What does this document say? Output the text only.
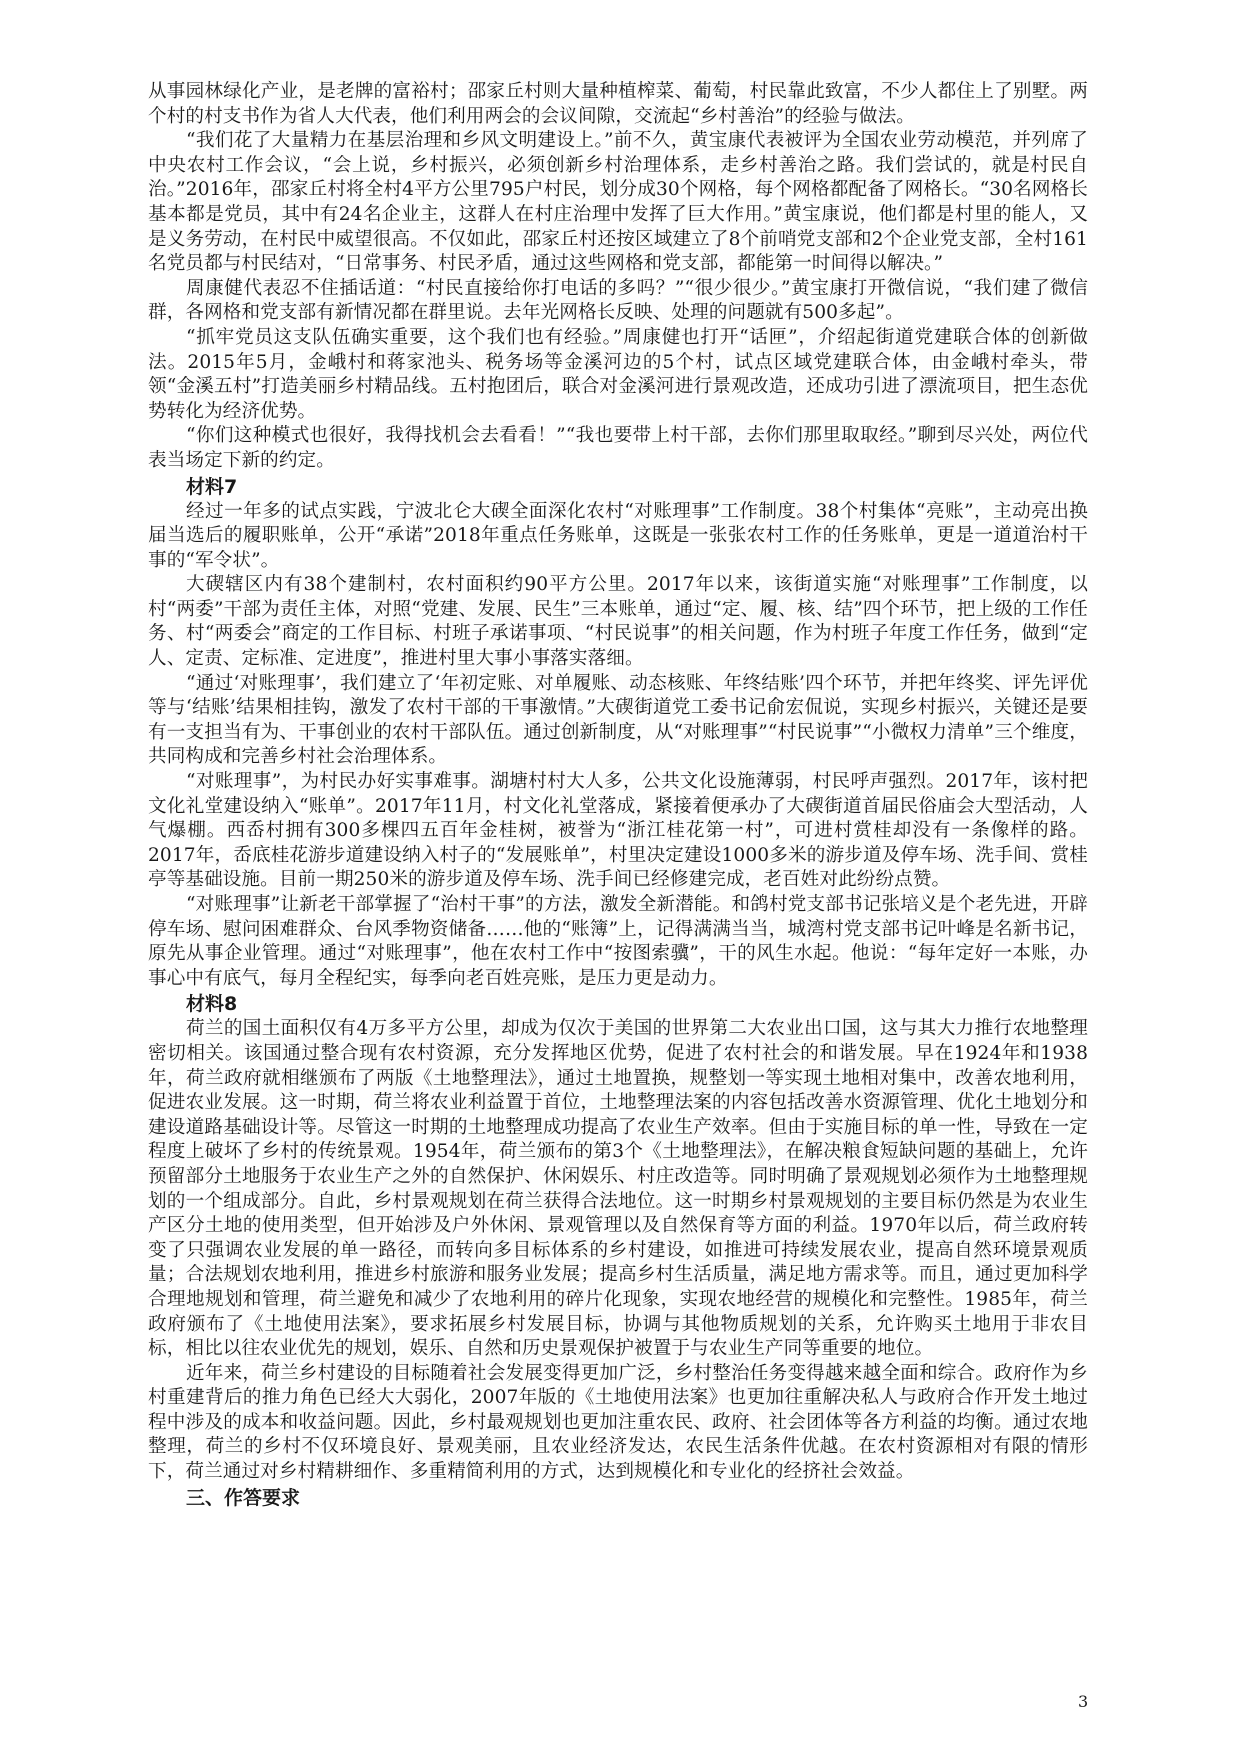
从事园林绿化产业，是老牌的富裕村；邵家丘村则大量种植榨菜、葡萄，村民靠此致富，不少人都住上了别墅。两个村的村支书作为省人大代表，他们利用两会的会议间隙，交流起“乡村善治”的经验与做法。

“我们花了大量精力在基层治理和乡风文明建设上。”前不久，黄宝康代表被评为全国农业劳动模范，并列席了中央农村工作会议，“会上说，乡村振兴，必须创新乡村治理体系，走乡村善治之路。我们尝试的，就是村民自治。”2016年，邵家丘村将全村4平方公里795户村民，划分成30个网格，每个网格都配备了网格长。“30名网格长基本都是党员，其中有24名企业主，这群人在村庄治理中发挥了巨大作用。”黄宝康说，他们都是村里的能人，又是义务劳动，在村民中威望很高。不仅如此，邵家丘村还按区域建立了8个前哨党支部和2个企业党支部，全村161名党员都与村民结对，“日常事务、村民矛盾，通过这些网格和党支部，都能第一时间得以解决。”

周康健代表忍不住插话道：“村民直接给你打电话的多吗？”“很少很少。”黄宝康打开微信说，“我们建了微信群，各网格和党支部有新情况都在群里说。去年光网格长反映、处理的问题就有500多起”。

“抓牢党员这支队伍确实重要，这个我们也有经验。”周康健也打开“话匣”，介绍起街道党建联合体的创新做法。2015年5月，金峨村和蒋家池头、税务场等金溪河边的5个村，试点区域党建联合体，由金峨村牵头，带领“金溪五村”打造美丽乡村精品线。五村抱团后，联合对金溪河进行景观改造，还成功引进了漂流项目，把生态优势转化为经济优势。

“你们这种模式也很好，我得找机会去看看！”“我也要带上村干部，去你们那里取取经。”聊到尽兴处，两位代表当场定下新的约定。

材料7

经过一年多的试点实践，宁波北仑大碶全面深化农村“对账理事”工作制度。38个村集体“亮账”，主动亮出换届当选后的履职账单，公开“承诺”2018年重点任务账单，这既是一张张农村工作的任务账单，更是一道道治村干事的“军令状”。

大碶辖区内有38个建制村，农村面积约90平方公里。2017年以来，该街道实施“对账理事”工作制度，以村“两委”干部为责任主体，对照“党建、发展、民生”三本账单，通过“定、履、核、结”四个环节，把上级的工作任务、村“两委会”商定的工作目标、村班子承诺事项、“村民说事”的相关问题，作为村班子年度工作任务，做到“定人、定责、定标准、定进度”，推进村里大事小事落实落细。

“通过‘对账理事’，我们建立了‘年初定账、对单履账、动态核账、年终结账’四个环节，并把年终奖、评先评优等与‘结账’结果相挂钩，激发了农村干部的干事激情。”大碶街道党工委书记俞宏侃说，实现乡村振兴，关键还是要有一支担当有为、干事创业的农村干部队伍。通过创新制度，从“对账理事”“村民说事”“小微权力清单”三个维度，共同构成和完善乡村社会治理体系。

“对账理事”，为村民办好实事难事。湖塘村村大人多，公共文化设施薄弱，村民呼声强烈。2017年，该村把文化礼堂建设纳入“账单”。2017年11月，村文化礼堂落成，紧接着便承办了大碶街道首届民俗庙会大型活动，人气爆棚。西岙村拥有300多棵四五百年金桂树，被誉为“浙江桂花第一村”，可进村赏桂却没有一条像样的路。2017年，岙底桂花游步道建设纳入村子的“发展账单”，村里决定建设1000多米的游步道及停车场、洗手间、赏桂亭等基础设施。目前一期250米的游步道及停车场、洗手间已经修建完成，老百姓对此纷纷点赞。

“对账理事”让新老干部掌握了“治村干事”的方法，激发全新潜能。和鸽村党支部书记张培义是个老先进，开辟停车场、慰问困难群众、台风季物资储备……他的“账簿”上，记得满满当当，城湾村党支部书记叶峰是名新书记，原先从事企业管理。通过“对账理事”，他在农村工作中“按图索骥”，干的风生水起。他说：“每年定好一本账，办事心中有底气，每月全程纪实，每季向老百姓亮账，是压力更是动力。

材料8

荷兰的国土面积仅有4万多平方公里，却成为仅次于美国的世界第二大农业出口国，这与其大力推行农地整理密切相关。该国通过整合现有农村资源，充分发挥地区优势，促进了农村社会的和谐发展。早在1924年和1938年，荷兰政府就相继颁布了两版《土地整理法》，通过土地置换，规整划一等实现土地相对集中，改善农地利用，促进农业发展。这一时期，荷兰将农业利益置于首位，土地整理法案的内容包括改善水资源管理、优化土地划分和建设道路基础设计等。尽管这一时期的土地整理成功提高了农业生产效率。但由于实施目标的单一性，导致在一定程度上破坏了乡村的传统景观。1954年，荷兰颁布的第3个《土地整理法》，在解决粮食短缺问题的基础上，允许预留部分土地服务于农业生产之外的自然保护、休闲娱乐、村庄改造等。同时明确了景观规划必须作为土地整理规划的一个组成部分。自此，乡村景观规划在荷兰获得合法地位。这一时期乡村景观规划的主要目标仍然是为农业生产区分土地的使用类型，但开始涉及户外休闲、景观管理以及自然保育等方面的利益。1970年以后，荷兰政府转变了只强调农业发展的单一路径，而转向多目标体系的乡村建设，如推进可持续发展农业，提高自然环境景观质量；合法规划农地利用，推进乡村旅游和服务业发展；提高乡村生活质量，满足地方需求等。而且，通过更加科学合理地规划和管理，荷兰避免和减少了农地利用的碎片化现象，实现农地经营的规模化和完整性。1985年，荷兰政府颁布了《土地使用法案》，要求拓展乡村发展目标，协调与其他物质规划的关系，允许购买土地用于非农目标，相比以往农业优先的规划，娱乐、自然和历史景观保护被置于与农业生产同等重要的地位。

近年来，荷兰乡村建设的目标随着社会发展变得更加广泛，乡村整治任务变得越来越全面和综合。政府作为乡村重建背后的推力角色已经大大弱化，2007年版的《土地使用法案》也更加往重解决私人与政府合作开发土地过程中涉及的成本和收益问题。因此，乡村最观规划也更加注重农民、政府、社会团体等各方利益的均衡。通过农地整理，荷兰的乡村不仅环境良好、景观美丽，且农业经济发达，农民生活条件优越。在农村资源相对有限的情形下，荷兰通过对乡村精耕细作、多重精简利用的方式，达到规模化和专业化的经挤社会效益。

三、作答要求
3
